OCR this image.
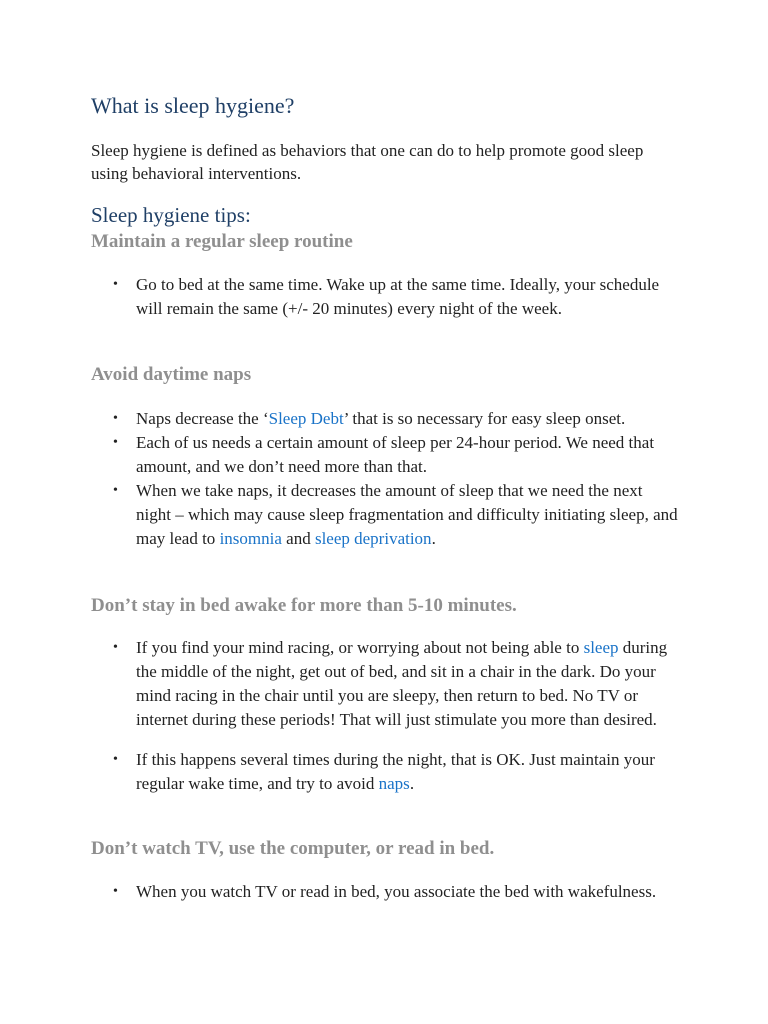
What is sleep hygiene?

Sleep hygiene is defined as behaviors that one can do to help promote good sleep using behavioral interventions.

Sleep hygiene tips:
Maintain a regular sleep routine
• Go to bed at the same time. Wake up at the same time. Ideally, your schedule will remain the same (+/- 20 minutes) every night of the week.
Avoid daytime naps
• Naps decrease the ‘Sleep Debt’ that is so necessary for easy sleep onset.
• Each of us needs a certain amount of sleep per 24-hour period. We need that amount, and we don’t need more than that.
• When we take naps, it decreases the amount of sleep that we need the next night – which may cause sleep fragmentation and difficulty initiating sleep, and may lead to insomnia and sleep deprivation.
Don’t stay in bed awake for more than 5-10 minutes.
• If you find your mind racing, or worrying about not being able to sleep during the middle of the night, get out of bed, and sit in a chair in the dark. Do your mind racing in the chair until you are sleepy, then return to bed. No TV or internet during these periods! That will just stimulate you more than desired.
• If this happens several times during the night, that is OK. Just maintain your regular wake time, and try to avoid naps.
Don’t watch TV, use the computer, or read in bed.
• When you watch TV or read in bed, you associate the bed with wakefulness.
